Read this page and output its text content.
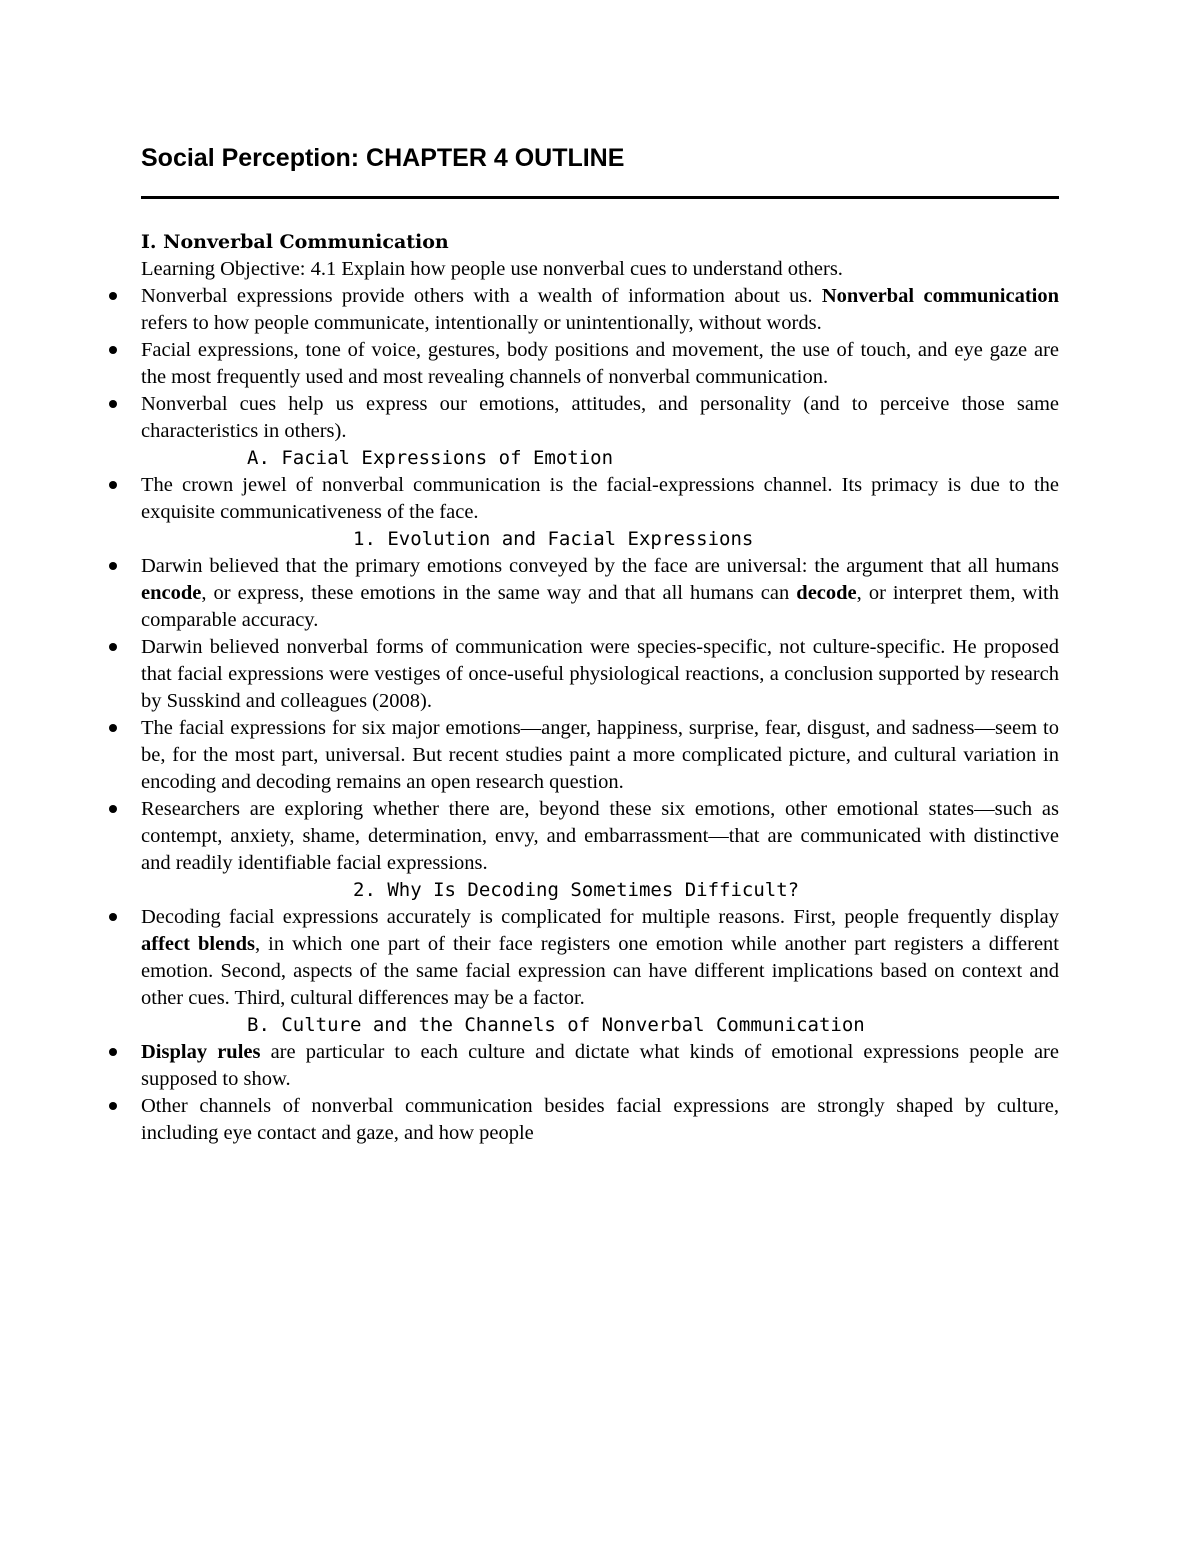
Social Perception: CHAPTER 4 OUTLINE
I. Nonverbal Communication

Learning Objective: 4.1 Explain how people use nonverbal cues to understand others.

Nonverbal expressions provide others with a wealth of information about us. Nonverbal communication refers to how people communicate, intentionally or unintentionally, without words.
Facial expressions, tone of voice, gestures, body positions and movement, the use of touch, and eye gaze are the most frequently used and most revealing channels of nonverbal communication.
Nonverbal cues help us express our emotions, attitudes, and personality (and to perceive those same characteristics in others).
A. Facial Expressions of Emotion
The crown jewel of nonverbal communication is the facial-expressions channel. Its primacy is due to the exquisite communicativeness of the face.
1. Evolution and Facial Expressions
Darwin believed that the primary emotions conveyed by the face are universal: the argument that all humans encode, or express, these emotions in the same way and that all humans can decode, or interpret them, with comparable accuracy.
Darwin believed nonverbal forms of communication were species-specific, not culture-specific. He proposed that facial expressions were vestiges of once-useful physiological reactions, a conclusion supported by research by Susskind and colleagues (2008).
The facial expressions for six major emotions—anger, happiness, surprise, fear, disgust, and sadness—seem to be, for the most part, universal. But recent studies paint a more complicated picture, and cultural variation in encoding and decoding remains an open research question.
Researchers are exploring whether there are, beyond these six emotions, other emotional states—such as contempt, anxiety, shame, determination, envy, and embarrassment—that are communicated with distinctive and readily identifiable facial expressions.
2. Why Is Decoding Sometimes Difficult?
Decoding facial expressions accurately is complicated for multiple reasons. First, people frequently display affect blends, in which one part of their face registers one emotion while another part registers a different emotion. Second, aspects of the same facial expression can have different implications based on context and other cues. Third, cultural differences may be a factor.
B. Culture and the Channels of Nonverbal Communication
Display rules are particular to each culture and dictate what kinds of emotional expressions people are supposed to show.
Other channels of nonverbal communication besides facial expressions are strongly shaped by culture, including eye contact and gaze, and how people
